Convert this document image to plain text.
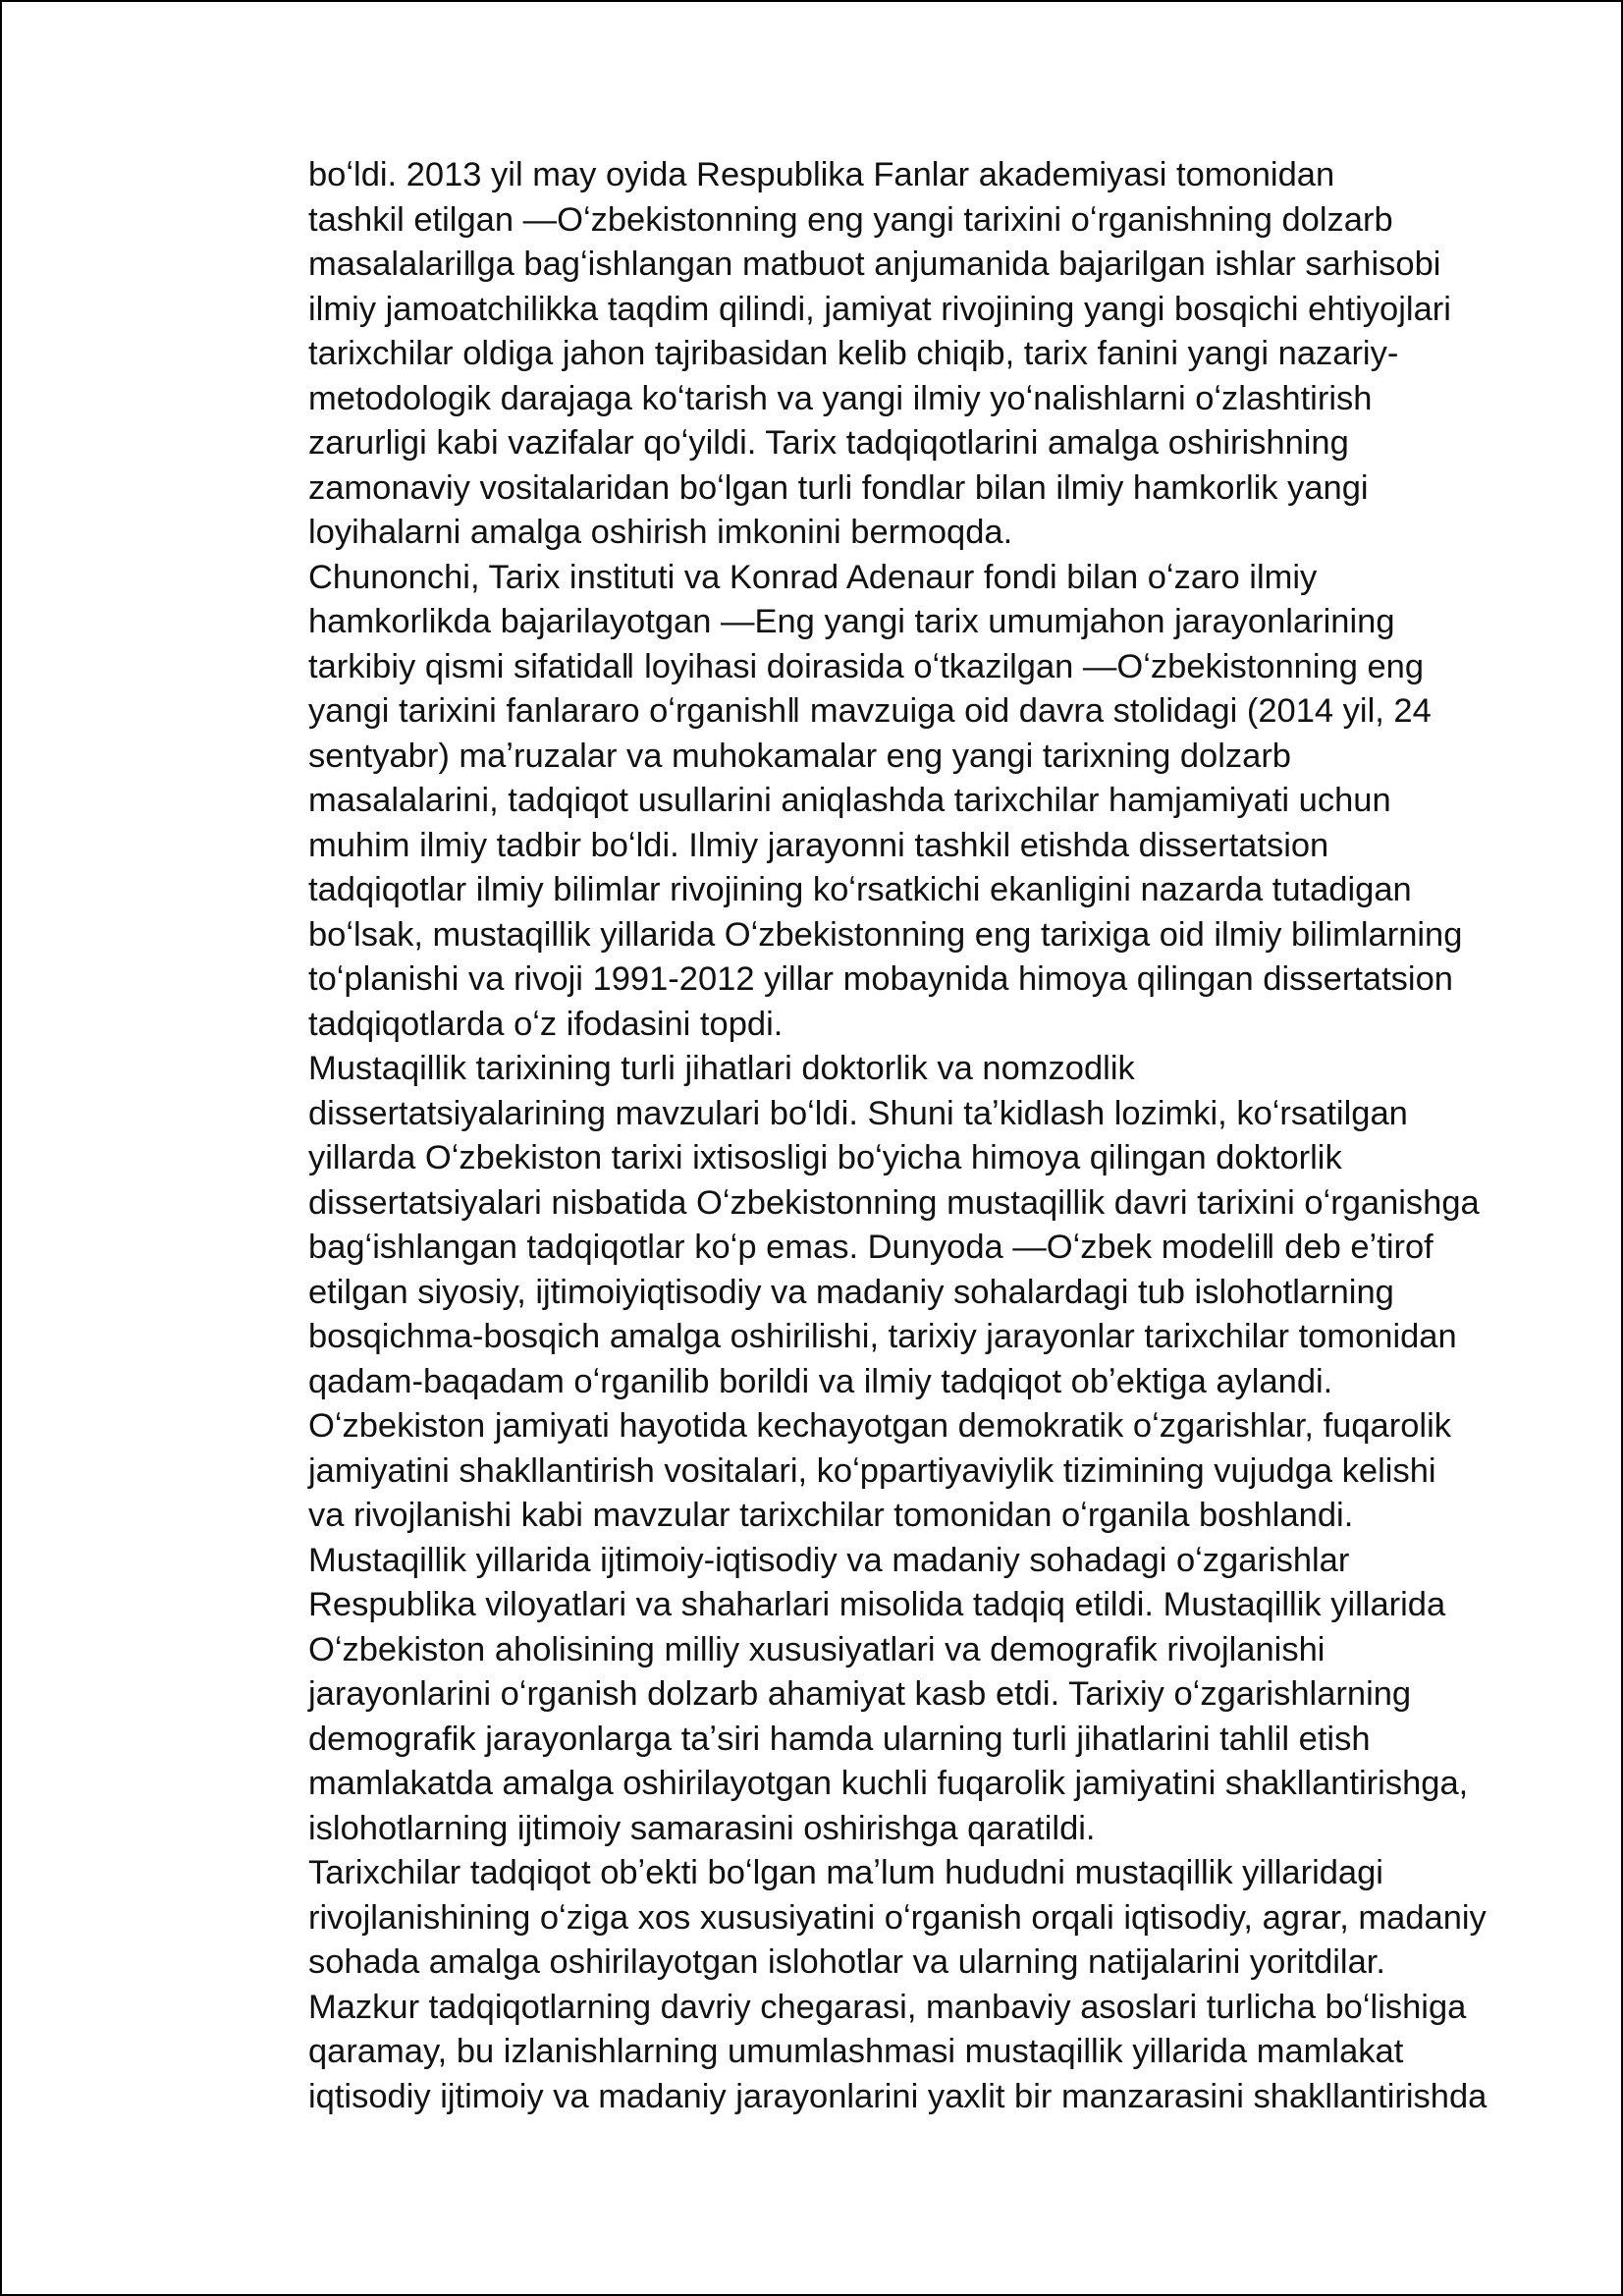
boʻldi. 2013 yil may oyida Respublika Fanlar akademiyasi tomonidan
tashkil etilgan ―Oʻzbekistonning eng yangi tarixini oʻrganishning dolzarb
masalalari‖ga bagʻishlangan matbuot anjumanida bajarilgan ishlar sarhisobi
ilmiy jamoatchilikka taqdim qilindi, jamiyat rivojining yangi bosqichi ehtiyojlari
tarixchilar oldiga jahon tajribasidan kelib chiqib, tarix fanini yangi nazariy-
metodologik darajaga koʻtarish va yangi ilmiy yoʻnalishlarni oʻzlashtirish
zarurligi kabi vazifalar qoʻyildi. Tarix tadqiqotlarini amalga oshirishning
zamonaviy vositalaridan boʻlgan turli fondlar bilan ilmiy hamkorlik yangi
loyihalarni amalga oshirish imkonini bermoqda.

Chunonchi, Tarix instituti va Konrad Adenaur fondi bilan oʻzaro ilmiy
hamkorlikda bajarilayotgan ―Eng yangi tarix umumjahon jarayonlarining
tarkibiy qismi sifatida‖ loyihasi doirasida oʻtkazilgan ―Oʻzbekistonning eng
yangi tarixini fanlararo oʻrganish‖ mavzuiga oid davra stolidagi (2014 yil, 24
sentyabr) maʼruzalar va muhokamalar eng yangi tarixning dolzarb
masalalarini, tadqiqot usullarini aniqlashda tarixchilar hamjamiyati uchun
muhim ilmiy tadbir boʻldi. Ilmiy jarayonni tashkil etishda dissertatsion
tadqiqotlar ilmiy bilimlar rivojining koʻrsatkichi ekanligini nazarda tutadigan
boʻlsak, mustaqillik yillarida Oʻzbekistonning eng tarixiga oid ilmiy bilimlarning
toʻplanishi va rivoji 1991-2012 yillar mobaynida himoya qilingan dissertatsion
tadqiqotlarda oʻz ifodasini topdi.

Mustaqillik tarixining turli jihatlari doktorlik va nomzodlik
dissertatsiyalarining mavzulari boʻldi. Shuni taʼkidlash lozimki, koʻrsatilgan
yillarda Oʻzbekiston tarixi ixtisosligi boʻyicha himoya qilingan doktorlik
dissertatsiyalari nisbatida Oʻzbekistonning mustaqillik davri tarixini oʻrganishga
bagʻishlangan tadqiqotlar koʻp emas. Dunyoda ―Oʻzbek modeli‖ deb eʼtirof
etilgan siyosiy, ijtimoiyiqtisodiy va madaniy sohalardagi tub islohotlarning
bosqichma-bosqich amalga oshirilishi, tarixiy jarayonlar tarixchilar tomonidan
qadam-baqadam oʻrganilib borildi va ilmiy tadqiqot obʼektiga aylandi.
Oʻzbekiston jamiyati hayotida kechayotgan demokratik oʻzgarishlar, fuqarolik
jamiyatini shakllantirish vositalari, koʻppartiyaviylik tizimining vujudga kelishi
va rivojlanishi kabi mavzular tarixchilar tomonidan oʻrganila boshlandi.
Mustaqillik yillarida ijtimoiy-iqtisodiy va madaniy sohadagi oʻzgarishlar
Respublika viloyatlari va shaharlari misolida tadqiq etildi. Mustaqillik yillarida
Oʻzbekiston aholisining milliy xususiyatlari va demografik rivojlanishi
jarayonlarini oʻrganish dolzarb ahamiyat kasb etdi. Tarixiy oʻzgarishlarning
demografik jarayonlarga taʼsiri hamda ularning turli jihatlarini tahlil etish
mamlakatda amalga oshirilayotgan kuchli fuqarolik jamiyatini shakllantirishga,
islohotlarning ijtimoiy samarasini oshirishga qaratildi.

Tarixchilar tadqiqot obʼekti boʻlgan maʼlum hududni mustaqillik yillaridagi
rivojlanishining oʻziga xos xususiyatini oʻrganish orqali iqtisodiy, agrar, madaniy
sohada amalga oshirilayotgan islohotlar va ularning natijalarini yoritdilar.
Mazkur tadqiqotlarning davriy chegarasi, manbaviy asoslari turlicha boʻlishiga
qaramay, bu izlanishlarning umumlashmasi mustaqillik yillarida mamlakat
iqtisodiy ijtimoiy va madaniy jarayonlarini yaxlit bir manzarasini shakllantirishda
